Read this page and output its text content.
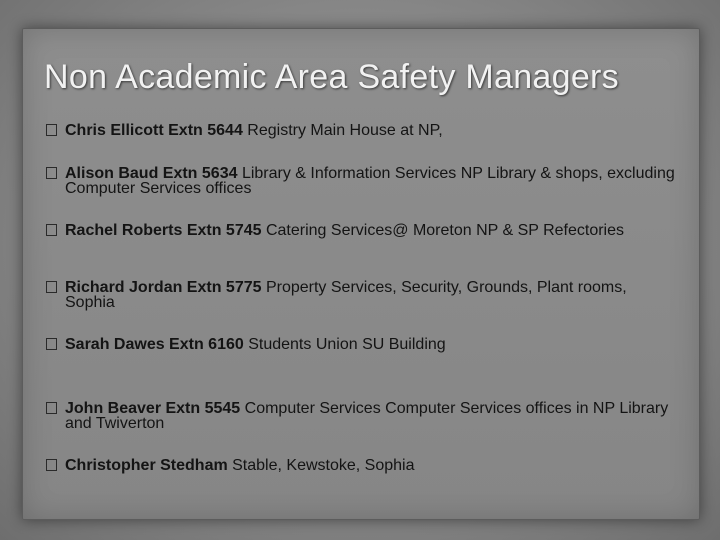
Non Academic Area Safety Managers
Chris Ellicott Extn 5644 Registry Main House at NP,
Alison Baud Extn 5634 Library & Information Services NP Library & shops, excluding Computer Services offices
Rachel Roberts Extn 5745 Catering Services@ Moreton NP & SP Refectories
Richard Jordan Extn 5775 Property Services, Security, Grounds, Plant rooms, Sophia
Sarah Dawes Extn 6160 Students Union SU Building
John Beaver Extn 5545 Computer Services Computer Services offices in NP Library and Twiverton
Christopher Stedham Stable, Kewstoke, Sophia
